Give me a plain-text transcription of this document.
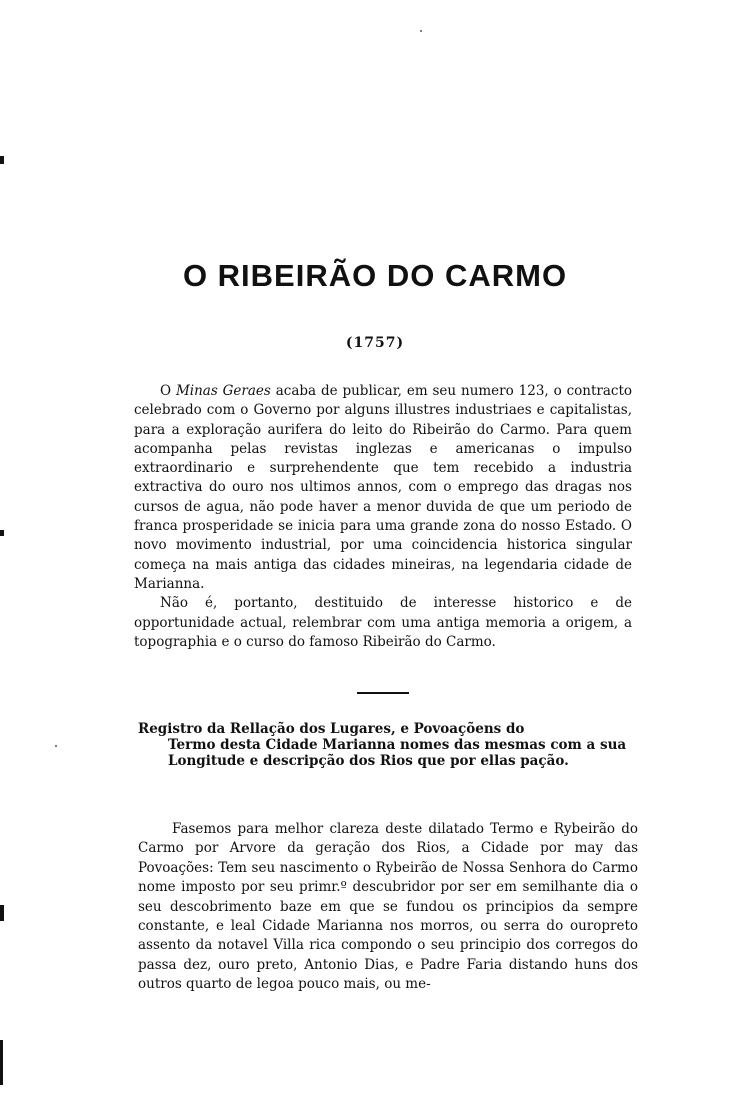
O RIBEIRÃO DO CARMO
(1757)

O Minas Geraes acaba de publicar, em seu numero 123, o contracto celebrado com o Governo por alguns illustres industriaes e capitalistas, para a exploração aurifera do leito do Ribeirão do Carmo. Para quem acompanha pelas revistas inglezas e americanas o impulso extraordinario e surprehendente que tem recebido a industria extractiva do ouro nos ultimos annos, com o emprego das dragas nos cursos de agua, não pode haver a menor duvida de que um periodo de franca prosperidade se inicia para uma grande zona do nosso Estado. O novo movimento industrial, por uma coincidencia historica singular começa na mais antiga das cidades mineiras, na legendaria cidade de Marianna.

Não é, portanto, destituido de interesse historico e de opportunidade actual, relembrar com uma antiga memoria a origem, a topographia e o curso do famoso Ribeirão do Carmo.

Registro da Rellação dos Lugares, e Povoaçõens do
Termo desta Cidade Marianna nomes das mesmas com a sua Longitude e descripção dos Rios que por ellas pação.

Fasemos para melhor clareza deste dilatado Termo e Rybeirão do Carmo por Arvore da geração dos Rios, a Cidade por may das Povoações: Tem seu nascimento o Rybeirão de Nossa Senhora do Carmo nome imposto por seu primr.º descubridor por ser em semilhante dia o seu descobrimento baze em que se fundou os principios da sempre constante, e leal Cidade Marianna nos morros, ou serra do ouropreto assento da notavel Villa rica compondo o seu principio dos corregos do passa dez, ouro preto, Antonio Dias, e Padre Faria distando huns dos outros quarto de legoa pouco mais, ou me-
